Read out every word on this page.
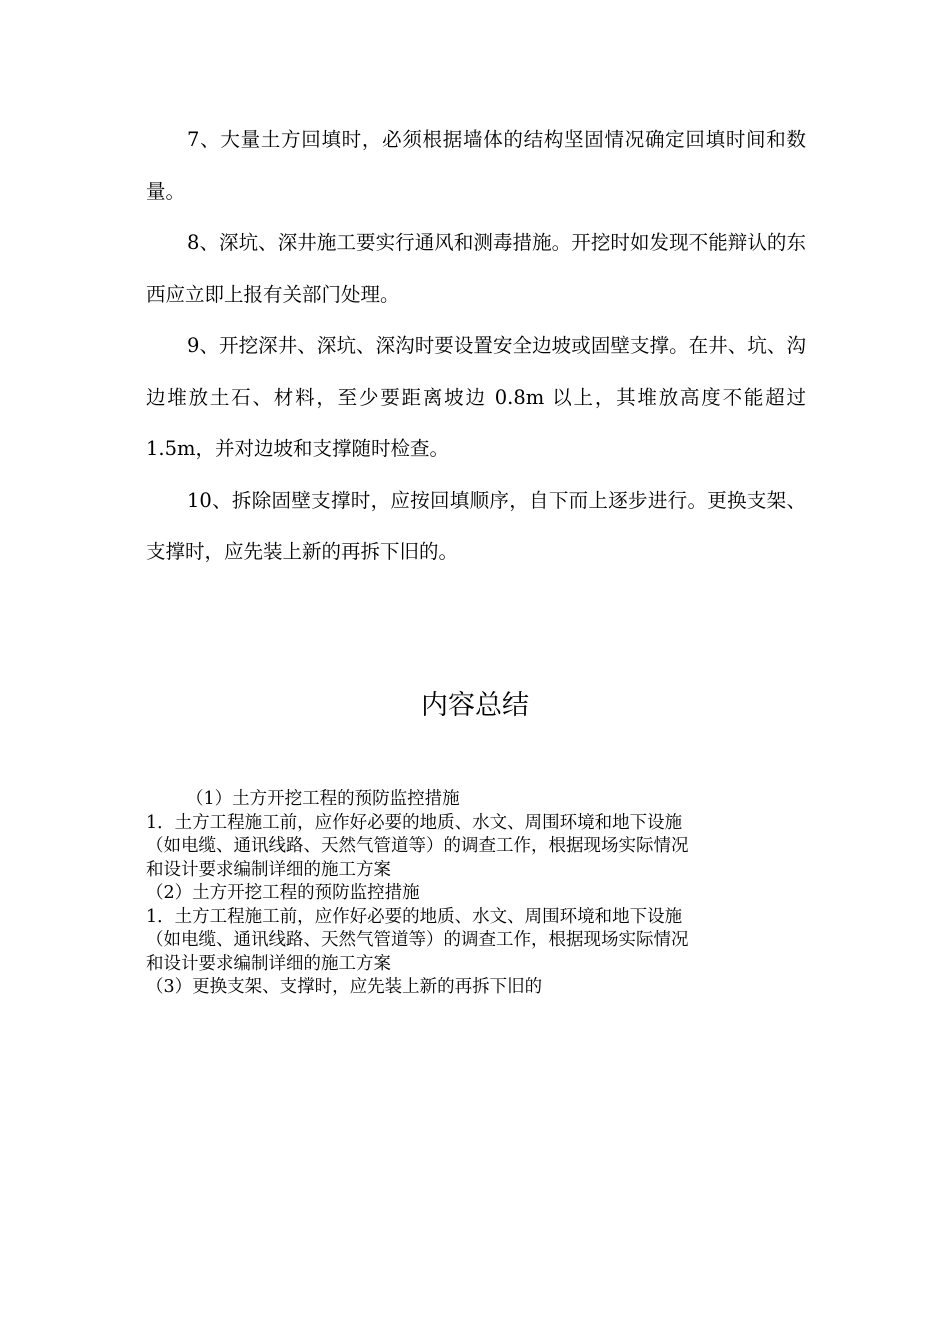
7、大量土方回填时，必须根据墙体的结构坚固情况确定回填时间和数量。

8、深坑、深井施工要实行通风和测毒措施。开挖时如发现不能辩认的东西应立即上报有关部门处理。

9、开挖深井、深坑、深沟时要设置安全边坡或固壁支撑。在井、坑、沟边堆放土石、材料，至少要距离坡边 0.8m 以上，其堆放高度不能超过 1.5m，并对边坡和支撑随时检查。

10、拆除固壁支撑时，应按回填顺序，自下而上逐步进行。更换支架、支撑时，应先装上新的再拆下旧的。

内容总结
（1）土方开挖工程的预防监控措施
1．土方工程施工前，应作好必要的地质、水文、周围环境和地下设施
（如电缆、通讯线路、天然气管道等）的调查工作，根据现场实际情况
和设计要求编制详细的施工方案
（2）土方开挖工程的预防监控措施
1．土方工程施工前，应作好必要的地质、水文、周围环境和地下设施
（如电缆、通讯线路、天然气管道等）的调查工作，根据现场实际情况
和设计要求编制详细的施工方案
（3）更换支架、支撑时，应先装上新的再拆下旧的
